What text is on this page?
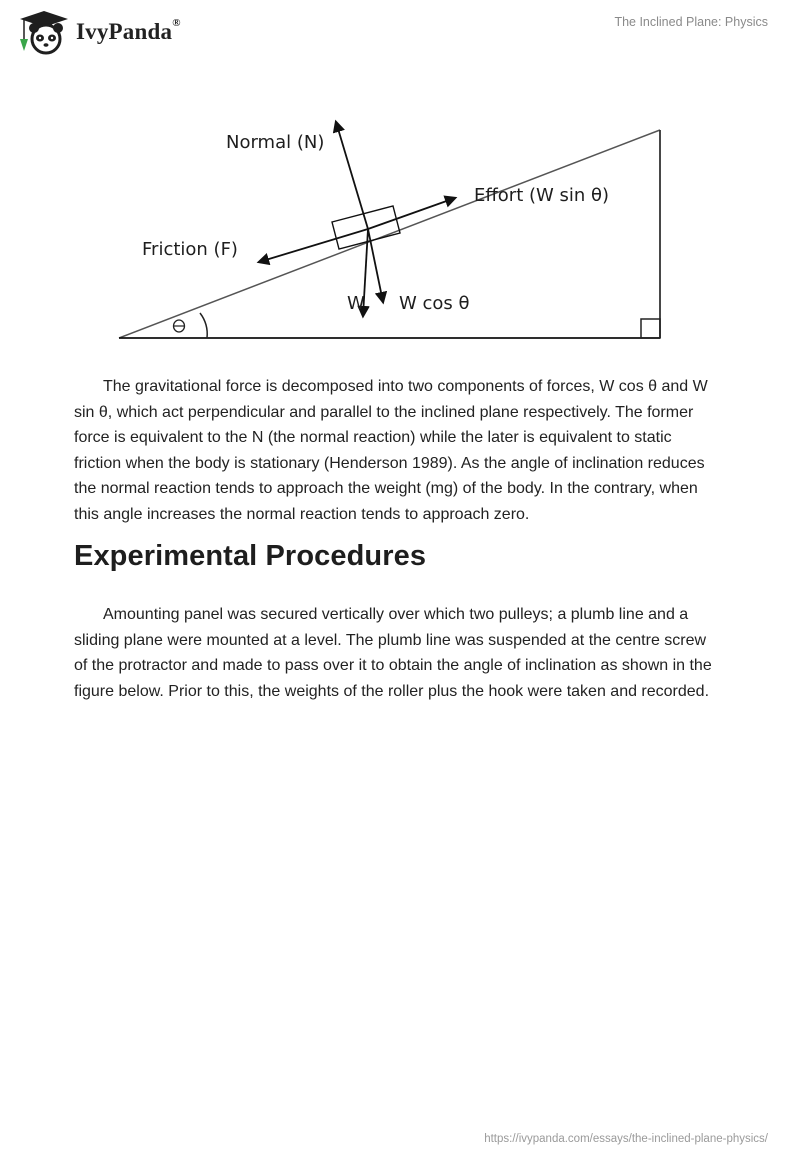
IvyPanda®	The Inclined Plane: Physics
Normal (N)
Effort (W sin θ)
Friction (F)
W W cos θ

The gravitational force is decomposed into two components of forces, W cos θ and W sin θ, which act perpendicular and parallel to the inclined plane respectively. The former force is equivalent to the N (the normal reaction) while the later is equivalent to static friction when the body is stationary (Henderson 1989). As the angle of inclination reduces the normal reaction tends to approach the weight (mg) of the body. In the contrary, when this angle increases the normal reaction tends to approach zero.

Experimental Procedures

Amounting panel was secured vertically over which two pulleys; a plumb line and a sliding plane were mounted at a level. The plumb line was suspended at the centre screw of the protractor and made to pass over it to obtain the angle of inclination as shown in the figure below. Prior to this, the weights of the roller plus the hook were taken and recorded.

https://ivypanda.com/essays/the-inclined-plane-physics/
